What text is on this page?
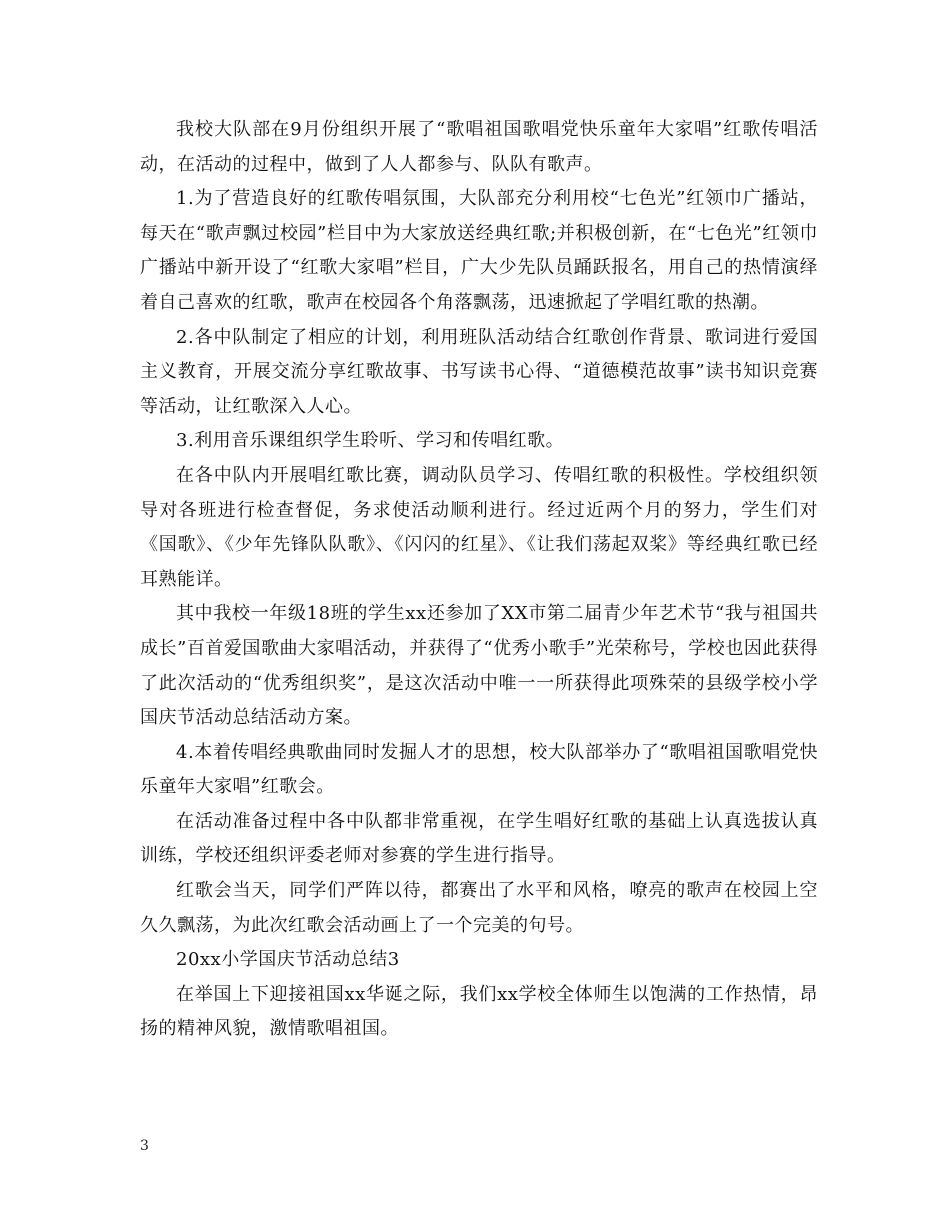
我校大队部在9月份组织开展了“歌唱祖国歌唱党快乐童年大家唱”红歌传唱活动，在活动的过程中，做到了人人都参与、队队有歌声。

1.为了营造良好的红歌传唱氛围，大队部充分利用校“七色光”红领巾广播站，每天在“歌声飘过校园”栏目中为大家放送经典红歌;并积极创新，在“七色光”红领巾广播站中新开设了“红歌大家唱”栏目，广大少先队员踊跃报名，用自己的热情演绎着自己喜欢的红歌，歌声在校园各个角落飘荡，迅速掀起了学唱红歌的热潮。

2.各中队制定了相应的计划，利用班队活动结合红歌创作背景、歌词进行爱国主义教育，开展交流分享红歌故事、书写读书心得、“道德模范故事”读书知识竞赛等活动，让红歌深入人心。

3.利用音乐课组织学生聆听、学习和传唱红歌。

在各中队内开展唱红歌比赛，调动队员学习、传唱红歌的积极性。学校组织领导对各班进行检查督促，务求使活动顺利进行。经过近两个月的努力，学生们对《国歌》、《少年先锋队队歌》、《闪闪的红星》、《让我们荡起双桨》等经典红歌已经耳熟能详。

其中我校一年级18班的学生xx还参加了XX市第二届青少年艺术节“我与祖国共成长”百首爱国歌曲大家唱活动，并获得了“优秀小歌手”光荣称号，学校也因此获得了此次活动的“优秀组织奖”，是这次活动中唯一一所获得此项殊荣的县级学校小学国庆节活动总结活动方案。

4.本着传唱经典歌曲同时发掘人才的思想，校大队部举办了“歌唱祖国歌唱党快乐童年大家唱”红歌会。

在活动准备过程中各中队都非常重视，在学生唱好红歌的基础上认真选拔认真训练，学校还组织评委老师对参赛的学生进行指导。

红歌会当天，同学们严阵以待，都赛出了水平和风格，嘹亮的歌声在校园上空久久飘荡，为此次红歌会活动画上了一个完美的句号。

20xx小学国庆节活动总结3

在举国上下迎接祖国xx华诞之际，我们xx学校全体师生以饱满的工作热情，昂扬的精神风貌，激情歌唱祖国。

3
